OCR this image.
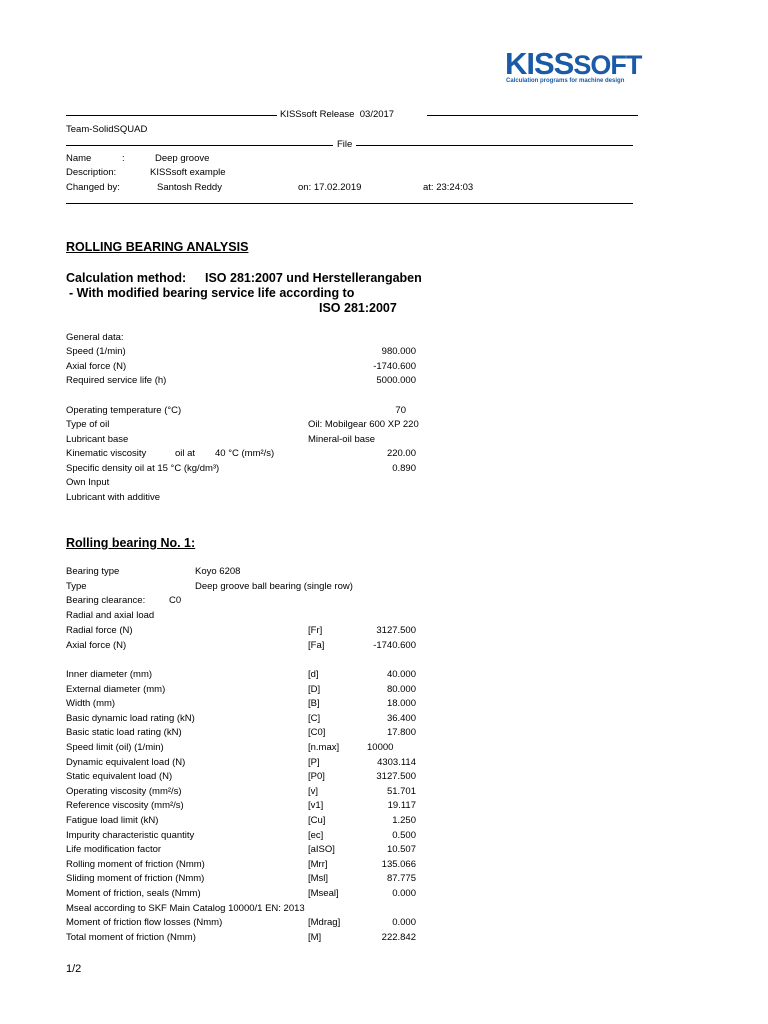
KISSSOFT
Calculation programs for machine design
KISSsoft Release 03/2017
Team-SolidSQUAD
File
Name	:	Deep groove
Description:	KISSsoft example
Changed by:	Santosh Reddy	on: 17.02.2019	at: 23:24:03
ROLLING BEARING ANALYSIS
Calculation method: ISO 281:2007 und Herstellerangaben
- With modified bearing service life according to
ISO 281:2007
General data:
Speed (1/min)	980.000
Axial force (N)	-1740.600
Required service life (h)	5000.000
Operating temperature (°C)	70
Type of oil	Oil: Mobilgear 600 XP 220
Lubricant base	Mineral-oil base
Kinematic viscosity	oil at 40 °C (mm²/s)	220.00
Specific density oil at 15 °C (kg/dm³)	0.890
Own Input
Lubricant with additive
Rolling bearing No. 1:
Bearing type	Koyo 6208
Type	Deep groove ball bearing (single row)
Bearing clearance:	C0
Radial and axial load
Radial force (N)	[Fr]	3127.500
Axial force (N)	[Fa]	-1740.600
Inner diameter (mm)	[d]	40.000
External diameter (mm)	[D]	80.000
Width (mm)	[B]	18.000
Basic dynamic load rating (kN)	[C]	36.400
Basic static load rating (kN)	[C0]	17.800
Speed limit (oil) (1/min)	[n.max]	10000
Dynamic equivalent load (N)	[P]	4303.114
Static equivalent load (N)	[P0]	3127.500
Operating viscosity (mm²/s)	[v]	51.701
Reference viscosity (mm²/s)	[v1]	19.117
Fatigue load limit (kN)	[Cu]	1.250
Impurity characteristic quantity	[ec]	0.500
Life modification factor	[aISO]	10.507
Rolling moment of friction (Nmm)	[Mrr]	135.066
Sliding moment of friction (Nmm)	[Msl]	87.775
Moment of friction, seals (Nmm)	[Mseal]	0.000
Mseal according to SKF Main Catalog 10000/1 EN: 2013
Moment of friction flow losses (Nmm)	[Mdrag]	0.000
Total moment of friction (Nmm)	[M]	222.842
1/2
